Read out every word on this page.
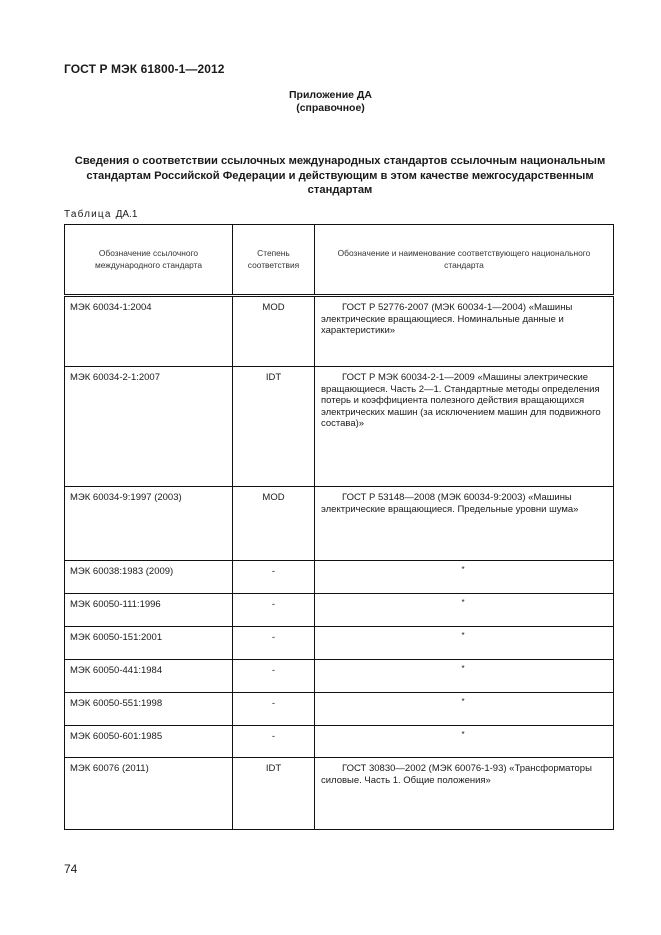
ГОСТ Р МЭК 61800-1—2012
Приложение ДА
(справочное)
Сведения о соответствии ссылочных международных стандартов ссылочным национальным стандартам Российской Федерации и действующим в этом качестве межгосударственным стандартам
Таблица ДА.1
Обозначение ссылочного международного стандарта	Степень соответствия	Обозначение и наименование соответствующего национального стандарта

МЭК 60034-1:2004	MOD	ГОСТ Р 52776-2007 (МЭК 60034-1—2004) «Машины электрические вращающиеся. Номинальные данные и характеристики»

МЭК 60034-2-1:2007	IDT	ГОСТ Р МЭК 60034-2-1—2009 «Машины электрические вращающиеся. Часть 2—1. Стандартные методы определения потерь и коэффициента полезного действия вращающихся электрических машин (за исключением машин для подвижного состава)»

МЭК 60034-9:1997 (2003)	MOD	ГОСТ Р 53148—2008 (МЭК 60034-9:2003) «Машины электрические вращающиеся. Предельные уровни шума»

МЭК 60038:1983 (2009)	-	*

МЭК 60050-111:1996	-	*

МЭК 60050-151:2001	-	*

МЭК 60050-441:1984	-	*

МЭК 60050-551:1998	-	*

МЭК 60050-601:1985	-	*

МЭК 60076 (2011)	IDT	ГОСТ 30830—2002 (МЭК 60076-1-93) «Трансформаторы силовые. Часть 1. Общие положения»
74
